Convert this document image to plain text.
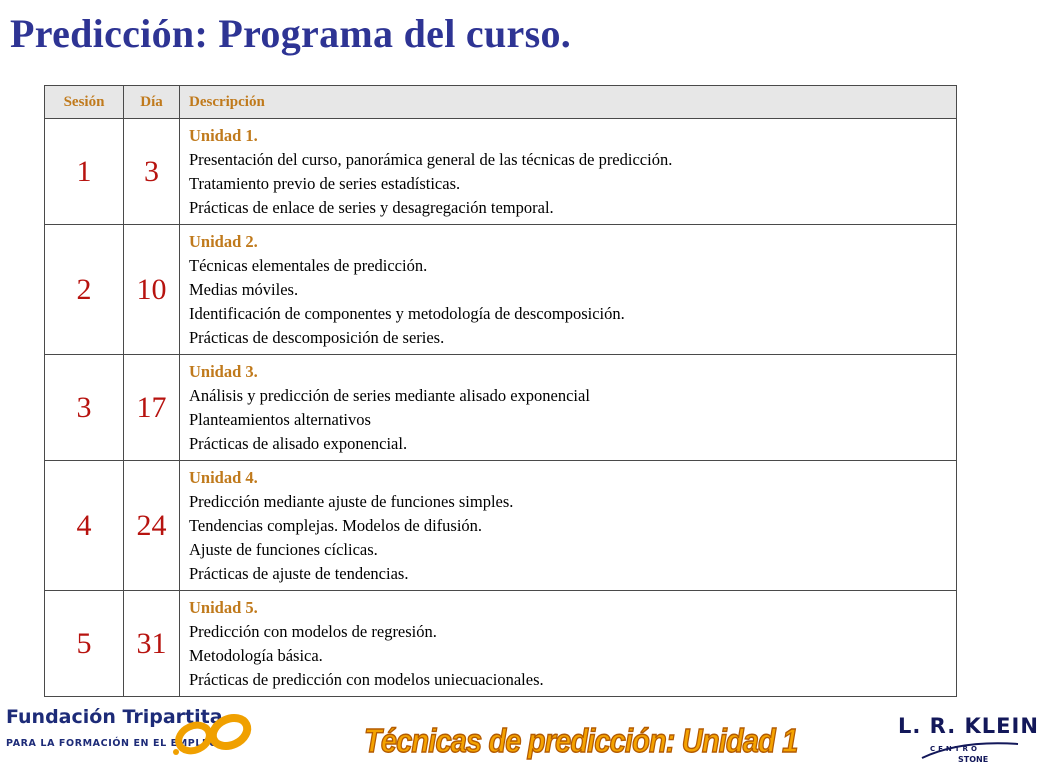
Predicción: Programa del curso.
Sesión	Día	Descripción
1	3	Unidad 1.
Presentación del curso, panorámica general de las técnicas de predicción.
Tratamiento previo de series estadísticas.
Prácticas de enlace de series y desagregación temporal.

2	10	Unidad 2.
Técnicas elementales de predicción.
Medias móviles.
Identificación de componentes y metodología de descomposición.
Prácticas de descomposición de series.

3	17	Unidad 3.
Análisis y predicción de series mediante alisado exponencial
Planteamientos alternativos
Prácticas de alisado exponencial.

4	24	Unidad 4.
Predicción mediante ajuste de funciones simples.
Tendencias complejas. Modelos de difusión.
Ajuste de funciones cíclicas.
Prácticas de ajuste de tendencias.

5	31	Unidad 5.
Predicción con modelos de regresión.
Metodología básica.
Prácticas de predicción con modelos uniecuacionales.
Fundación Tripartita
PARA LA FORMACIÓN EN EL EMPLEO	Técnicas de predicción: Unidad 1	L. R. KLEIN
CENTRO
STONE
